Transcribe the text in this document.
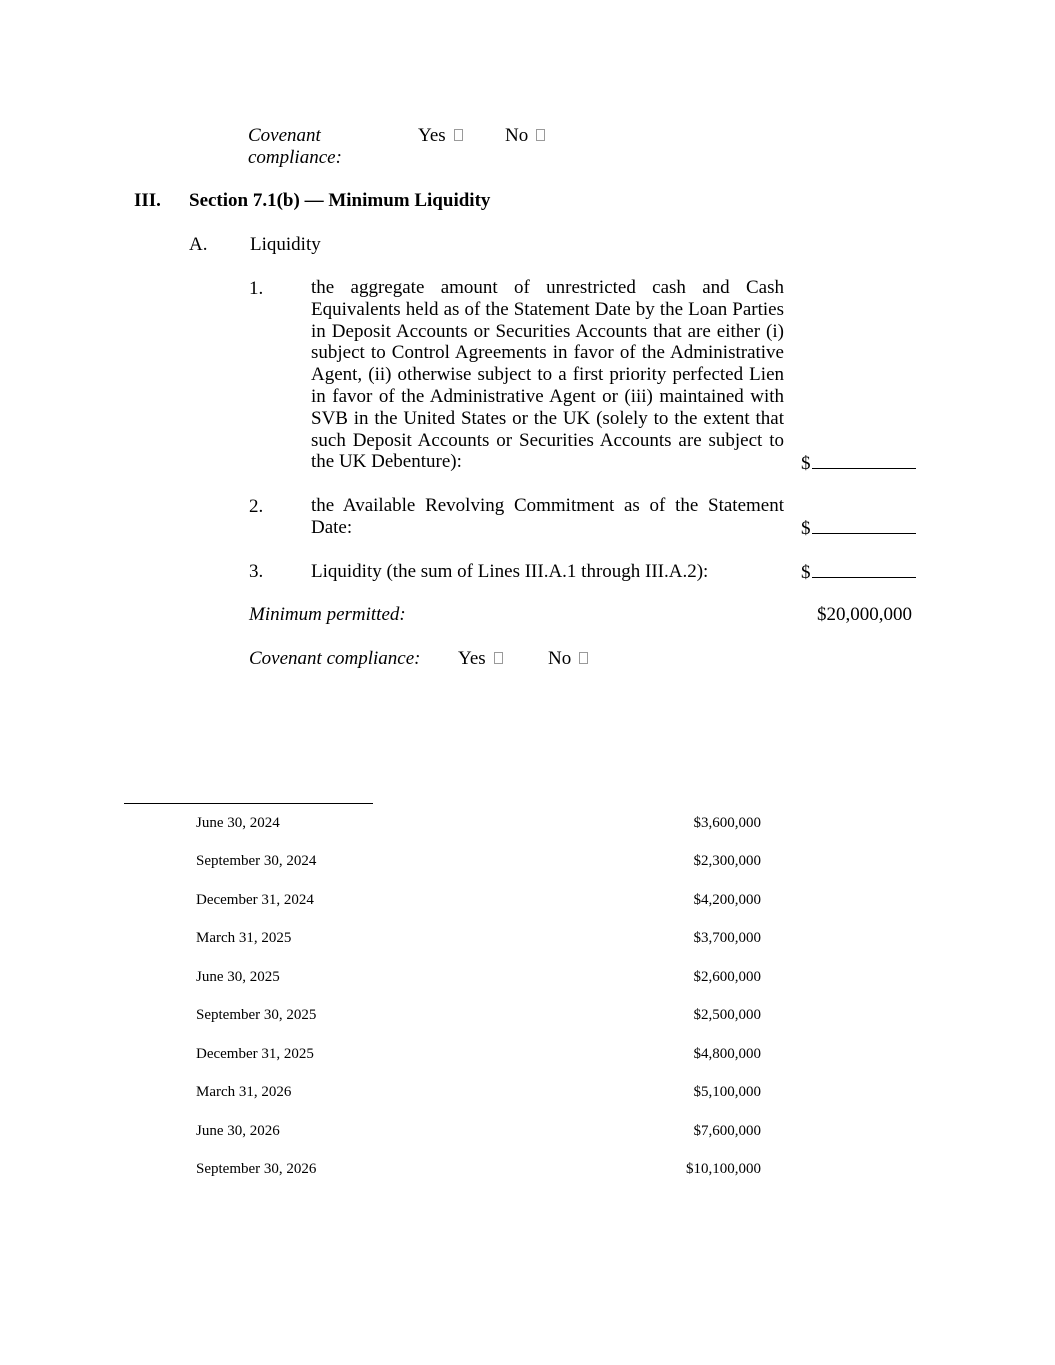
Covenant
compliance:
Yes	No
III. Section 7.1(b) — Minimum Liquidity
A. Liquidity
1.	the aggregate amount of unrestricted cash and Cash Equivalents held as of the Statement Date by the Loan Parties in Deposit Accounts or Securities Accounts that are either (i) subject to Control Agreements in favor of the Administrative Agent, (ii) otherwise subject to a first priority perfected Lien in favor of the Administrative Agent or (iii) maintained with SVB in the United States or the UK (solely to the extent that such Deposit Accounts or Securities Accounts are subject to the UK Debenture):	$
2.	the Available Revolving Commitment as of the Statement Date:	$
3.	Liquidity (the sum of Lines III.A.1 through III.A.2):	$
Minimum permitted:	$20,000,000
Covenant compliance: Yes	No
June 30, 2024	$3,600,000
September 30, 2024	$2,300,000
December 31, 2024	$4,200,000
March 31, 2025	$3,700,000
June 30, 2025	$2,600,000
September 30, 2025	$2,500,000
December 31, 2025	$4,800,000
March 31, 2026	$5,100,000
June 30, 2026	$7,600,000
September 30, 2026	$10,100,000
